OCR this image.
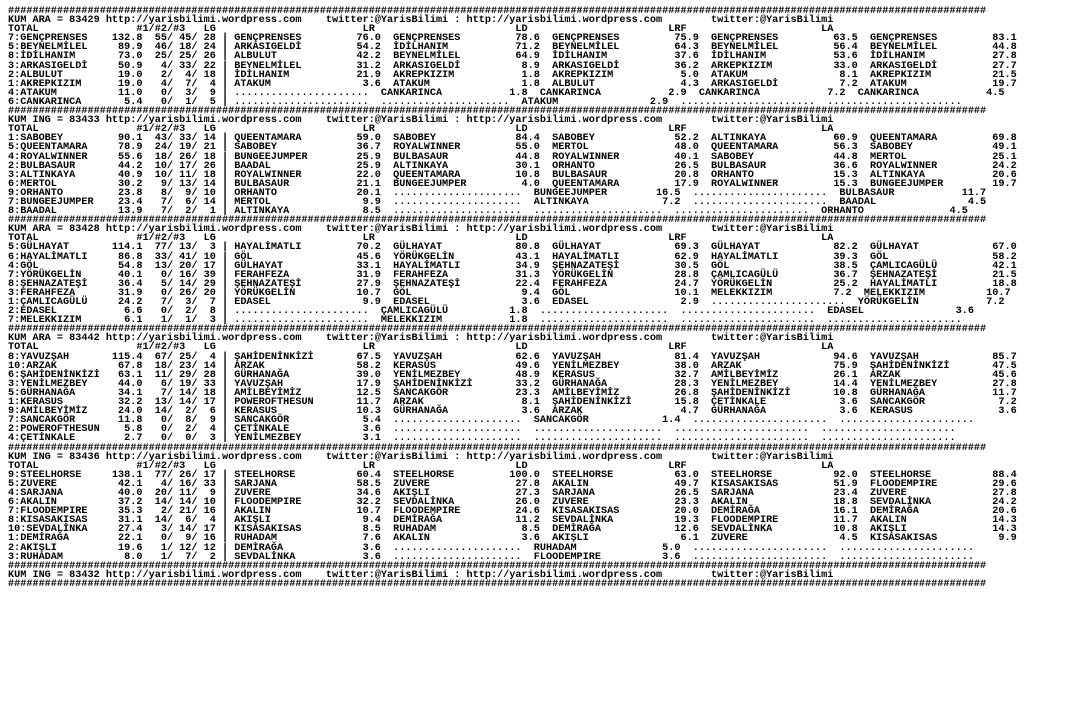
################################################################################################################################################################
KUM ARA = 83429 http://yarisbilimi.wordpress.com    twitter:@YarisBilimi : http://yarisbilimi.wordpress.com        twitter:@YarisBilimi
TOTAL                #1/#2/#3   LG                        LR                       LD                       LRF                      LA
7:GENÇPRENSES    132.8  55/ 45/ 28 | GENÇPRENSES         76.0  GENÇPRENSES         78.6  GENÇPRENSES         75.9  GENÇPRENSES         63.5  GENÇPRENSES         83.1
5:BEYNELMİLEL     89.9  46/ 18/ 24 | ARKASIGELDİ         54.2  İDİLHANIM           71.2  BEYNELMİLEL         64.3  BEYNELMİLEL         56.4  BEYNELMİLEL         44.8
8:İDİLHANIM       73.0  25/ 25/ 26 | ALBULUT             42.2  BEYNELMİLEL         64.9  İDİLHANIM           37.6  İDİLHANIM           53.6  İDİLHANIM           27.8
3:ARKASIGELDİ     50.9   4/ 33/ 22 | BEYNELMİLEL         31.2  ARKASIGELDİ          8.9  ARKASIGELDİ         36.2  ARKEPKIZIM          33.0  ARKASIGELDİ         27.7
2:ALBULUT         19.0   2/  4/ 18 | İDİLHANIM           21.9  AKREPKIZIM           1.8  AKREPKIZIM           5.0  ATAKUM               8.1  AKREPKIZIM          21.5
1:AKREPKIZIM      19.0   4/  7/  4 | ATAKUM               3.6  ATAKUM               1.8  ALBULUT              4.3  ARKASIGELDİ          7.2  ATAKUM              19.7
4:ATAKUM          11.0   0/  3/  9 | ......................  CANKARINCA           1.8  CANKARINCA           2.9  CANKARINCA           7.2  CANKARINCA           4.5
6:CANKARINCA       5.4   0/  1/  5 | ......................  .....................  ATAKUM               2.9  ......................  ......................
################################################################################################################################################################
KUM ING = 83433 http://yarisbilimi.wordpress.com    twitter:@YarisBilimi : http://yarisbilimi.wordpress.com        twitter:@YarisBilimi
TOTAL                #1/#2/#3   LG                        LR                       LD                       LRF                      LA
1:SABOBEY         90.1  43/ 33/ 14 | QUEENTAMARA         59.0  SABOBEY             84.4  SABOBEY             52.2  ALTINKAYA           60.9  QUEENTAMARA         69.8
5:QUEENTAMARA     78.9  24/ 19/ 21 | SABOBEY             36.7  ROYALWINNER         55.0  MERTOL              48.0  QUEENTAMARA         56.3  SABOBEY             49.1
4:ROYALWINNER     55.6  18/ 26/ 18 | BUNGEEJUMPER        25.9  BULBASAUR           44.8  ROYALWINNER         40.1  SABOBEY             44.8  MERTOL              25.1
2:BULBASAUR       44.2  10/ 17/ 26 | BAADAL              25.9  ALTINKAYA           30.1  ORHANTO             26.5  BULBASAUR           36.6  ROYALWINNER         24.2
3:ALTINKAYA       40.9  10/ 11/ 18 | ROYALWINNER         22.0  QUEENTAMARA         10.8  BULBASAUR           20.8  ORHANTO             15.3  ALTINKAYA           20.6
6:MERTOL          30.2   9/ 13/ 14 | BULBASAUR           21.1  BUNGEEJUMPER         4.0  QUEENTAMARA         17.9  ROYALWINNER         15.3  BUNGEEJUMPER        19.7
9:ORHANTO         23.8   8/  9/ 10 | ORHANTO             20.1  .....................  BUNGEEJUMPER        16.5  ......................  BULBASAUR           11.7
7:BUNGEEJUMPER    23.4   7/  6/ 14 | MERTOL               9.9  .....................  ALTINKAYA            7.2  ......................  BAADAL               4.5
8:BAADAL          13.9   7/  2/  1 | ALTINKAYA            8.5  .....................  .....................  ......................  ORHANTO              4.5
################################################################################################################################################################
KUM ARA = 83428 http://yarisbilimi.wordpress.com    twitter:@YarisBilimi : http://yarisbilimi.wordpress.com        twitter:@YarisBilimi
TOTAL                #1/#2/#3   LG                        LR                       LD                       LRF                      LA
5:GÜLHAYAT       114.1  77/ 13/  3 | HAYALİMATLI         70.2  GÜLHAYAT            80.8  GÜLHAYAT            69.3  GÜLHAYAT            82.2  GÜLHAYAT            67.0
6:HAYALİMATLI     86.8  33/ 41/ 10 | GÖL                 45.6  YÖRÜKGELİN          43.1  HAYALİMATLI         62.9  HAYALİMATLI         39.3  GÖL                 58.2
4:GÖL             54.8  13/ 20/ 17 | GÜLHAYAT            33.1  HAYALİMATLI         34.9  ŞEHNAZATEŞİ         30.5  GÖL                 38.5  ÇAMLICAGÜLÜ         42.1
7:YÖRÜKGELİN      40.1   0/ 16/ 39 | FERAHFEZA           31.9  FERAHFEZA           31.3  YÖRÜKGELİN          28.8  ÇAMLICAGÜLÜ         36.7  ŞEHNAZATEŞİ         21.5
8:ŞEHNAZATEŞİ     36.4   5/ 14/ 29 | ŞEHNAZATEŞİ         27.9  ŞEHNAZATEŞİ         22.4  FERAHFEZA           24.7  YÖRÜKGELİN          25.2  HAYALİMATLI         18.8
3:FERAHFEZA       31.9   0/ 26/ 20 | YÖRÜKGELİN          10.7  GÖL                  9.4  GÖL                 10.1  MELEKKIZIM          7.2  MELEKKIZIM          10.7
1:ÇAMLICAGÜLÜ     24.2   7/  3/  7 | EDASEL               9.9  EDASEL               3.6  EDASEL               2.9  ......................  YÖRÜKGELİN           7.2
2:EDASEL           6.6   0/  2/  8 | ......................  ÇAMLICAGÜLÜ          1.8  .....................  ......................  EDASEL               3.6
7:MELEKKIZIM       6.1   1/  1/  3 | ......................  MELEKKIZIM           1.8  .....................  ......................  ......................
################################################################################################################################################################
KUM ARA = 83442 http://yarisbilimi.wordpress.com    twitter:@YarisBilimi : http://yarisbilimi.wordpress.com        twitter:@YarisBilimi
TOTAL                #1/#2/#3   LG                        LR                       LD                       LRF                      LA
8:YAVUZŞAH       115.4  67/ 25/  4 | ŞAHİDENİNKİZİ       67.5  YAVUZŞAH            62.6  YAVUZŞAH            81.4  YAVUZŞAH            94.6  YAVUZŞAH            85.7
10:ARZAK          67.8  18/ 23/ 14 | ARZAK               58.2  KERASUS             49.6  YENİLMEZBEY         38.0  ARZAK               75.9  ŞAHİDENİNKİZİ       47.5
6:ŞAHİDENİNKİZİ   63.1  11/ 29/ 28 | GÜRHANAĞA           39.0  YENİLMEZBEY         48.9  KERASUS             32.7  AMİLBEYİMİZ         26.1  ARZAK               45.6
3:YENİLMEZBEY     44.0   6/ 19/ 33 | YAVUZŞAH            17.9  ŞAHİDENİNKİZİ       33.2  GÜRHANAĞA           28.3  YENİLMEZBEY         14.4  YENİLMEZBEY         27.8
5:GÜRHANAĞA       34.1   7/ 14/ 18 | AMİLBEYİMİZ         12.5  SANCAKGÖR           23.3  AMİLBEYİMİZ         26.8  ŞAHİDENİNKİZİ       10.8  GÜRHANAĞA           11.7
1:KERASUS         32.2  13/ 14/ 17 | POWEROFTHESUN       11.7  ARZAK                8.1  ŞAHİDENİNKİZİ       15.8  ÇETİNKALE            3.6  SANCAKGÖR            7.2
9:AMİLBEYİMİZ     24.0  14/  2/  6 | KERASUS             10.3  GÜRHANAĞA            3.6  ARZAK                4.7  GÜRHANAĞA            3.6  KERASUS              3.6
7:SANCAKGÖR       11.8   0/  8/  9 | SANCAKGÖR            5.4  .....................  SANCAKGÖR            1.4  ......................  ......................
2:POWEROFTHESUN    5.8   0/  2/  4 | ÇETİNKALE            3.6  .....................  .....................  ......................  ......................
4:ÇETİNKALE        2.7   0/  0/  3 | YENİLMEZBEY          3.1  .....................  .....................  ......................  ......................
################################################################################################################################################################
KUM ING = 83436 http://yarisbilimi.wordpress.com    twitter:@YarisBilimi : http://yarisbilimi.wordpress.com        twitter:@YarisBilimi
TOTAL                #1/#2/#3   LG                        LR                       LD                       LRF                      LA
9:STEELHORSE     138.1  77/ 26/ 17 | STEELHORSE          60.4  STEELHORSE         100.0  STEELHORSE          63.0  STEELHORSE          92.0  STEELHORSE          88.4
5:ZUVERE          42.1   4/ 16/ 33 | SARJANA             58.5  ZUVERE              27.8  AKALIN              49.7  KISASAKISAS         51.9  FLOODEMPIRE         29.6
4:SARJANA         40.0  20/ 11/  9 | ZUVERE              34.6  AKIŞLI              27.3  SARJANA             26.5  SARJANA             23.4  ZUVERE              27.8
6:AKALIN          37.2  14/ 14/ 10 | FLOODEMPIRE         32.2  SEVDALİNKA          26.0  ZUVERE              23.3  AKALIN              18.8  SEVDALİNKA          24.2
7:FLOODEMPIRE     35.3   2/ 21/ 16 | AKALIN              10.7  FLOODEMPIRE         24.6  KISASAKISAS         20.0  DEMİRAĞA            16.1  DEMİRAĞA            20.6
8:KISASAKISAS     31.1  14/  6/  4 | AKIŞLI               9.4  DEMİRAĞA            11.2  SEVDALİNKA          19.3  FLOODEMPIRE         11.7  AKALIN              14.3
10:SEVDALİNKA     27.4   3/ 14/ 17 | KISASAKISAS          8.5  RUHADAM              8.5  DEMİRAĞA            12.6  SEVDALİNKA          10.8  AKIŞLI              14.3
1:DEMİRAĞA        22.1   0/  9/ 16 | RUHADAM              7.6  AKALIN               3.6  AKIŞLI               6.1  ZUVERE               4.5  KISASAKISAS          9.9
2:AKIŞLI          19.6   1/ 12/ 12 | DEMİRAĞA             3.6  .....................  RUHADAM              5.0  ......................  ......................
3:RUHADAM          8.0   1/  7/  2 | SEVDALİNKA           3.6  .....................  FLOODEMPIRE          3.6  ......................  ......................
################################################################################################################################################################
KUM ING = 83432 http://yarisbilimi.wordpress.com    twitter:@YarisBilimi : http://yarisbilimi.wordpress.com        twitter:@YarisBilimi
################################################################################################################################################################
